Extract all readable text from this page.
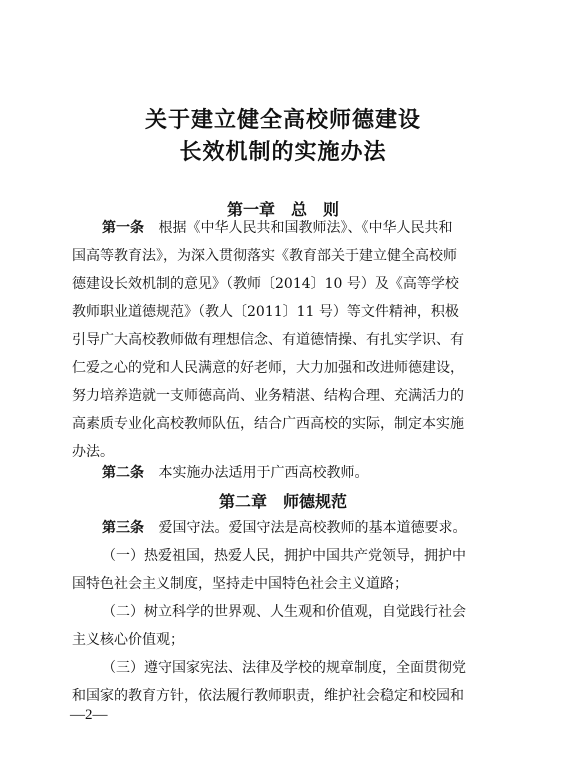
关于建立健全高校师德建设
长效机制的实施办法
第一章　总　则
第一条 根据《中华人民共和国教师法》、《中华人民共和
国高等教育法》，为深入贯彻落实《教育部关于建立健全高校师
德建设长效机制的意见》（教师〔2014〕10 号）及《高等学校
教师职业道德规范》（教人〔2011〕11 号）等文件精神，积极
引导广大高校教师做有理想信念、有道德情操、有扎实学识、有
仁爱之心的党和人民满意的好老师，大力加强和改进师德建设，
努力培养造就一支师德高尚、业务精湛、结构合理、充满活力的
高素质专业化高校教师队伍，结合广西高校的实际，制定本实施
办法。
第二条 本实施办法适用于广西高校教师。
第二章　师德规范
第三条 爱国守法。爱国守法是高校教师的基本道德要求。
（一）热爱祖国，热爱人民，拥护中国共产党领导，拥护中
国特色社会主义制度，坚持走中国特色社会主义道路；
（二）树立科学的世界观、人生观和价值观，自觉践行社会
主义核心价值观；
（三）遵守国家宪法、法律及学校的规章制度，全面贯彻党
和国家的教育方针，依法履行教师职责，维护社会稳定和校园和
—2—
